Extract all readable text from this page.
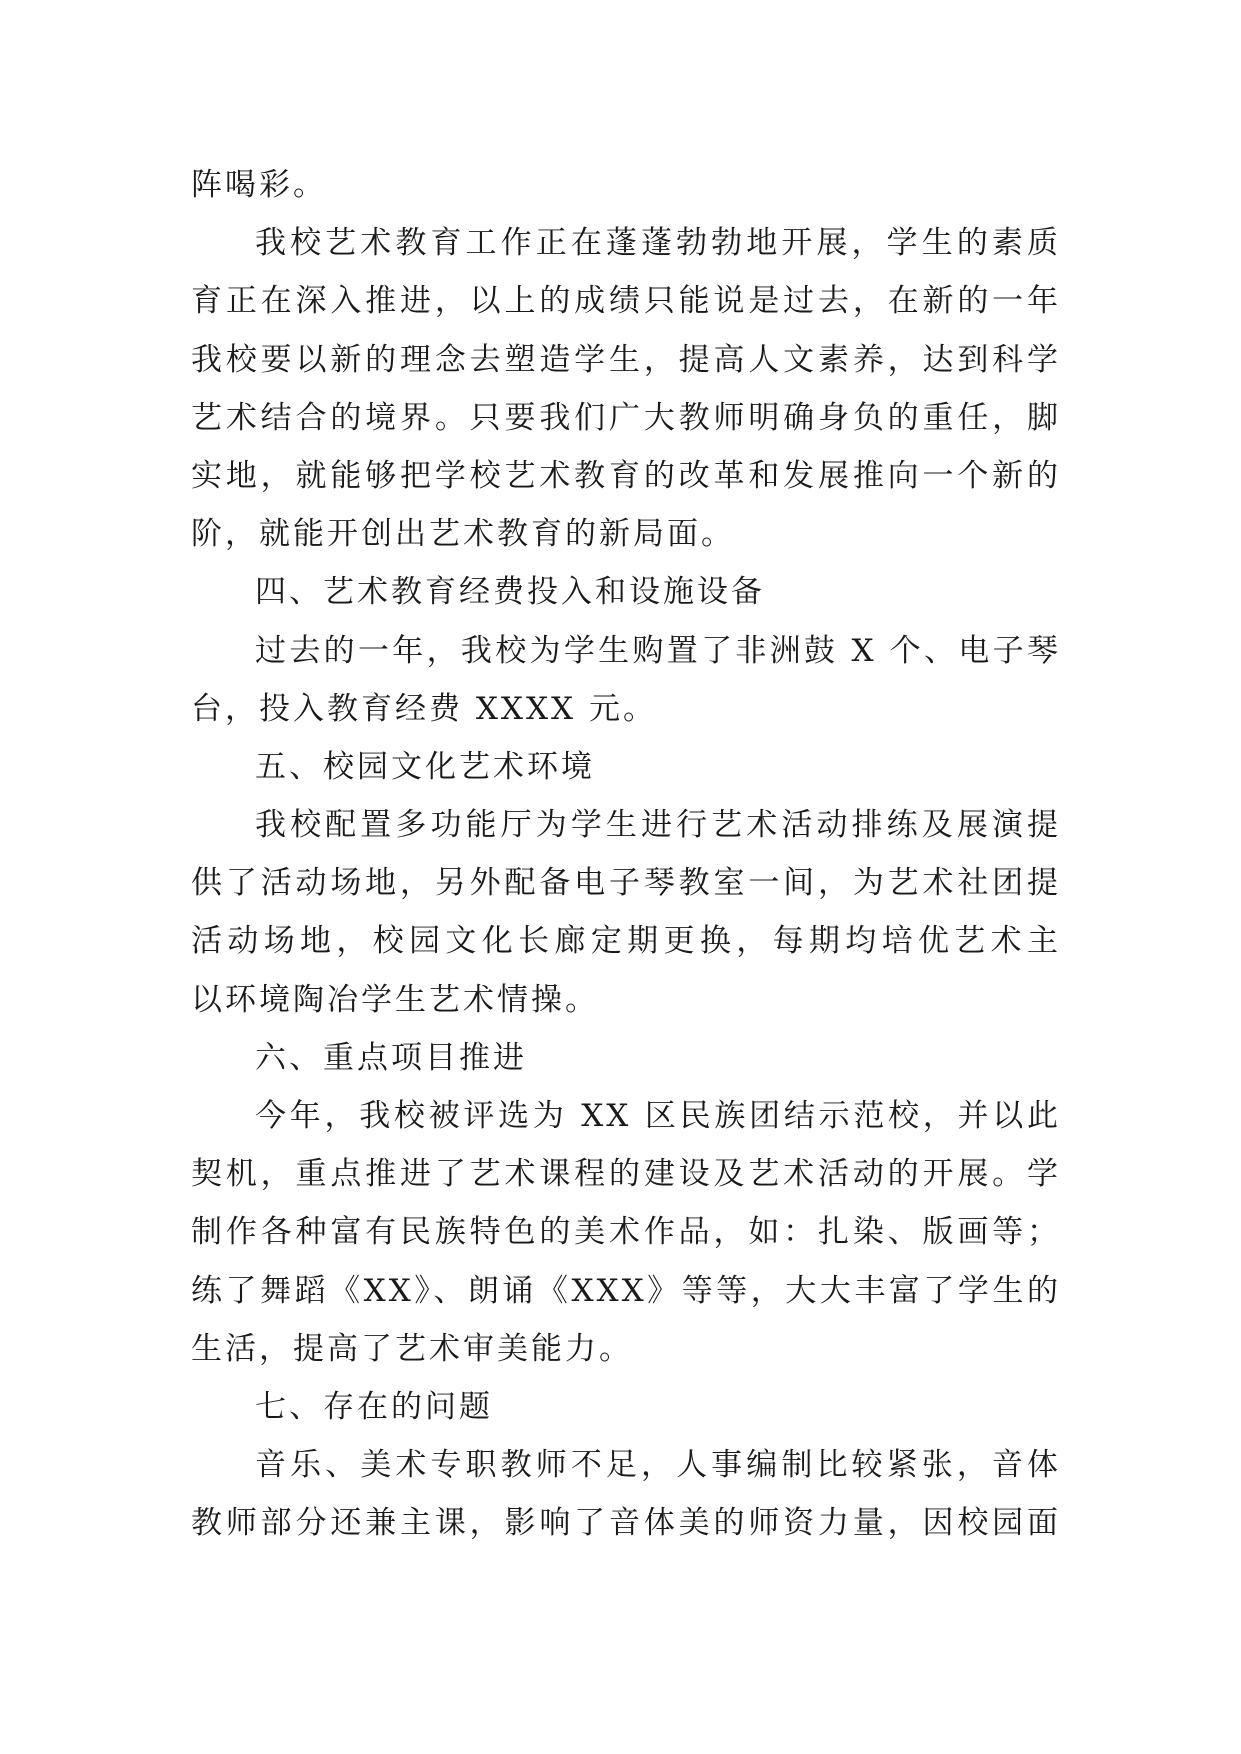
阵喝彩。
我校艺术教育工作正在蓬蓬勃勃地开展，学生的素质
育正在深入推进，以上的成绩只能说是过去，在新的一年
我校要以新的理念去塑造学生，提高人文素养，达到科学
艺术结合的境界。只要我们广大教师明确身负的重任，脚
实地，就能够把学校艺术教育的改革和发展推向一个新的
阶，就能开创出艺术教育的新局面。
四、艺术教育经费投入和设施设备
过去的一年，我校为学生购置了非洲鼓 X 个、电子琴
台，投入教育经费 XXXX 元。
五、校园文化艺术环境
我校配置多功能厅为学生进行艺术活动排练及展演提
供了活动场地，另外配备电子琴教室一间，为艺术社团提
活动场地，校园文化长廊定期更换，每期均培优艺术主
以环境陶冶学生艺术情操。
六、重点项目推进
今年，我校被评选为 XX 区民族团结示范校，并以此
契机，重点推进了艺术课程的建设及艺术活动的开展。学
制作各种富有民族特色的美术作品，如：扎染、版画等；
练了舞蹈《XX》、朗诵《XXX》等等，大大丰富了学生的
生活，提高了艺术审美能力。
七、存在的问题
音乐、美术专职教师不足，人事编制比较紧张，音体
教师部分还兼主课，影响了音体美的师资力量，因校园面
